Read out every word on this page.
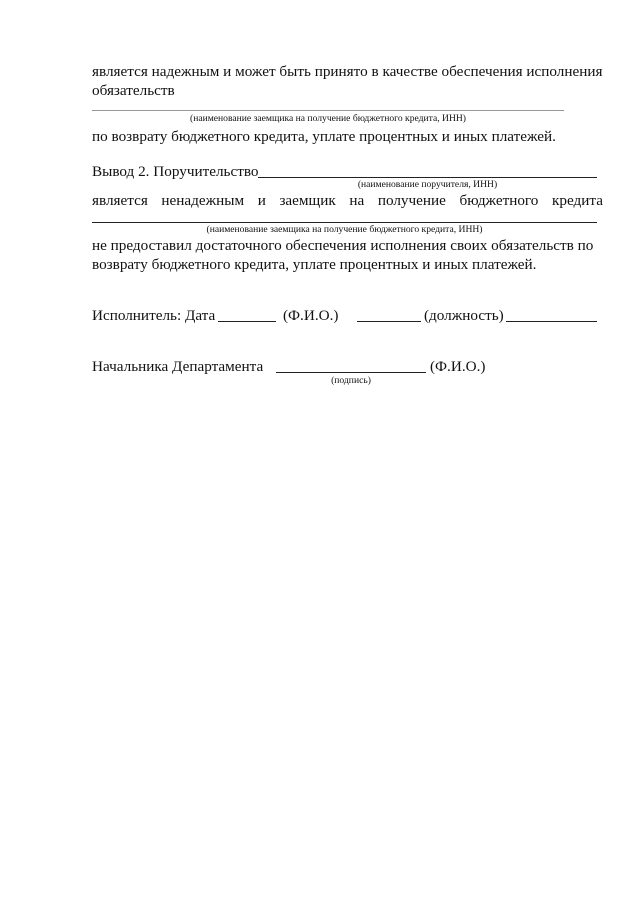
является надежным и может быть принято в качестве обеспечения исполнения
обязательств
(наименование заемщика на получение бюджетного кредита, ИНН)
по возврату бюджетного кредита, уплате процентных и иных платежей.
Вывод 2. Поручительство
(наименование поручителя, ИНН)
является ненадежным и заемщик на получение бюджетного кредита
(наименование заемщика на получение бюджетного кредита, ИНН)
не предоставил достаточного обеспечения исполнения своих обязательств по
возврату бюджетного кредита, уплате процентных и иных платежей.
Исполнитель: Дата	(Ф.И.О.)	(должность)
Начальника Департамента
(подпись)
(Ф.И.О.)
